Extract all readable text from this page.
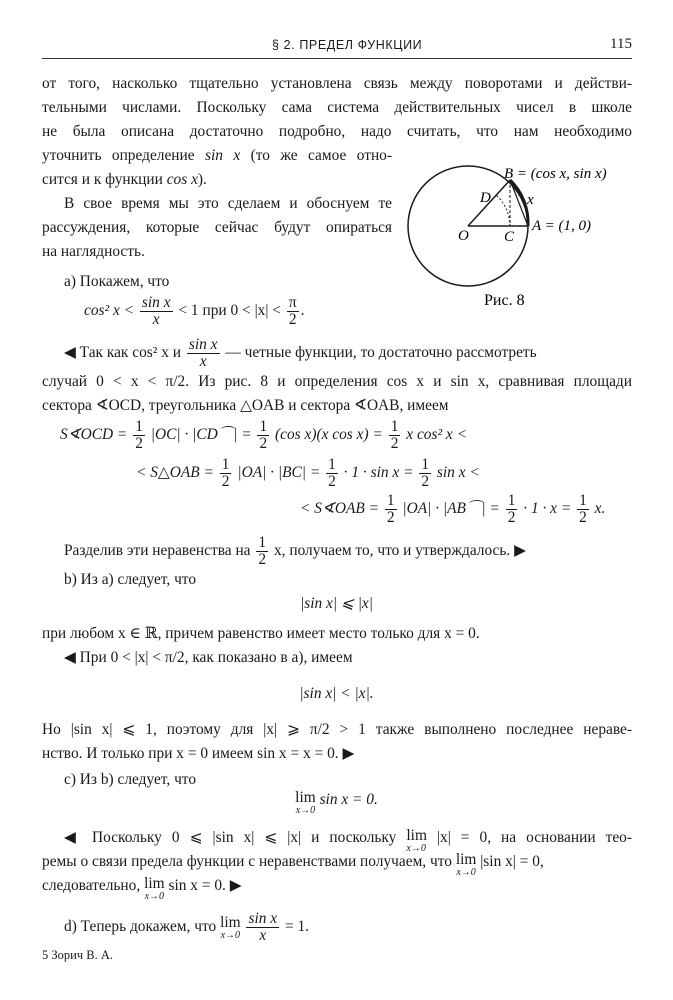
§ 2. ПРЕДЕЛ ФУНКЦИИ	115
от того, насколько тщательно установлена связь между поворотами и действи-
тельными числами. Поскольку сама система действительных чисел в школе
не была описана достаточно подробно, надо считать, что нам необходимо
уточнить определение sin x (то же самое отно-
сится и к функции cos x).
В свое время мы это сделаем и обоснуем те
рассуждения, которые сейчас будут опираться
на наглядность.
а) Покажем, что
cos² $x < \frac{\text{sin x}}{x} < 1$ при $0 < |x| < \frac{\pi}{2}$ .
B = (cos x, sin x)
A = (1, 0)
D
O C
x
Рис. 8
◀ Так как cos² x и $\frac{\text{sin x}}{x}$ — четные функции, то достаточно рассмотреть
случай 0 < x < π/2. Из рис. 8 и определения cos x и sin x, сравнивая площади
сектора ∢OCD, треугольника △OAB и сектора ∢OAB, имеем
S∢OCD = $\frac{1}{2} |OC|$ · |CD⌒| = $\frac{1}{2} (\cos$ x)(x $\cos x) = \frac{1}{2}$ x cos² x <
< S△OAB = $\frac{1}{2} |OA| \cdot |BC| = \frac{1}{2} \cdot 1 \cdot \sin x = \frac{1}{2}$ sin x <
< S∢OAB = $\frac{1}{2} |OA|$ · |AB⌒| = $\frac{1}{2} \cdot 1 \cdot x = \frac{1}{2} x$.
Разделив эти неравенства на $\frac{1}{2} x$, получаем то, что и утверждалось. ▶
b) Из а) следует, что
|sin x| ⩽ |x|
при любом x ∈ ℝ, причем равенство имеет место только для x = 0.
◀ При 0 < |x| < π/2, как показано в а), имеем
|sin x| < |x|.
Но |sin x| ⩽ 1, поэтому для |x| ⩾ π/2 > 1 также выполнено последнее нераве-
нство. И только при x = 0 имеем sin x = x = 0. ▶
с) Из b) следует, что
lim
x→0
sin x = 0.
◀ Поскольку 0 ⩽ |sin x| ⩽ |x| и поскольку lim
x→0
|x| = 0, на основании тео-
ремы о связи предела функции с неравенствами получаем, что lim
x→0
|sin x| = 0,
следовательно, lim
x→0
sin x = 0. ▶
d) Теперь докажем, что lim
x→0
$\frac{\text{sin x}}{x} = 1$.
5 Зорич В. А.
